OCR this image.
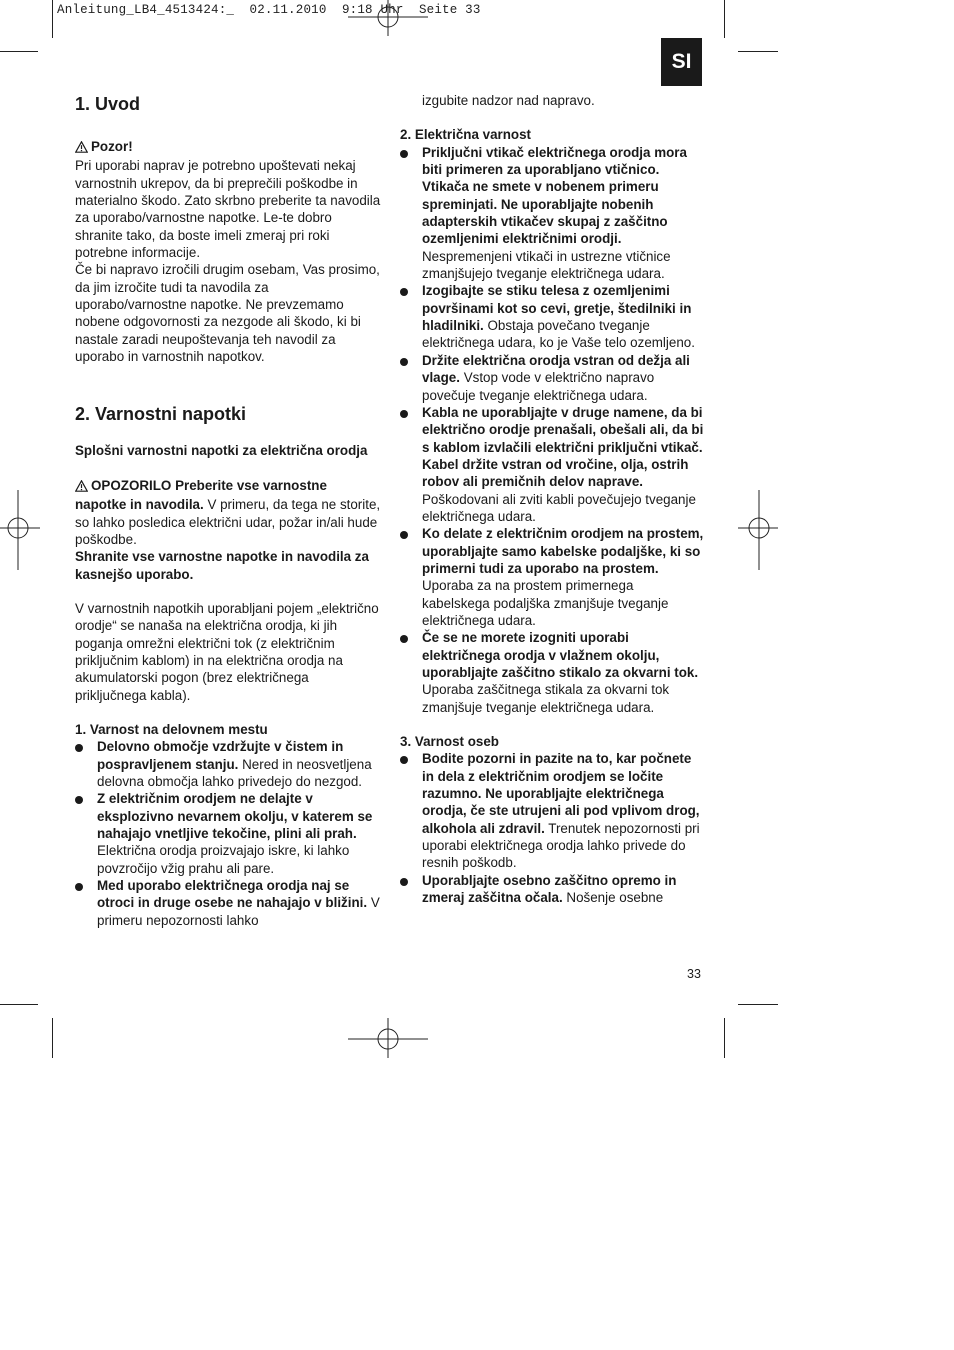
Anleitung_LB4_4513424:_  02.11.2010  9:18 Uhr  Seite 33
SI
1. Uvod

Pozor!

Pri uporabi naprav je potrebno upoštevati nekaj varnostnih ukrepov, da bi preprečili poškodbe in materialno škodo. Zato skrbno preberite ta navodila za uporabo/varnostne napotke. Le-te dobro shranite tako, da boste imeli zmeraj pri roki potrebne informacije.

Če bi napravo izročili drugim osebam, Vas prosimo, da jim izročite tudi ta navodila za uporabo/varnostne napotke. Ne prevzemamo nobene odgovornosti za nezgode ali škodo, ki bi nastale zaradi neupoštevanja teh navodil za uporabo in varnostnih napotkov.

2. Varnostni napotki

Splošni varnostni napotki za električna orodja

OPOZORILO Preberite vse varnostne napotke in navodila. V primeru, da tega ne storite, so lahko posledica električni udar, požar in/ali hude poškodbe.

Shranite vse varnostne napotke in navodila za kasnejšo uporabo.

V varnostnih napotkih uporabljani pojem „električno orodje“ se nanaša na električna orodja, ki jih poganja omrežni električni tok (z električnim priključnim kablom) in na električna orodja na akumulatorski pogon (brez električnega priključnega kabla).

1. Varnost na delovnem mestu

Delovno območje vzdržujte v čistem in pospravljenem stanju. Nered in neosvetljena delovna območja lahko privedejo do nezgod.
Z električnim orodjem ne delajte v eksplozivno nevarnem okolju, v katerem se nahajajo vnetljive tekočine, plini ali prah. Električna orodja proizvajajo iskre, ki lahko povzročijo vžig prahu ali pare.
Med uporabo električnega orodja naj se otroci in druge osebe ne nahajajo v bližini. V primeru nepozornosti lahko
izgubite nadzor nad napravo.

2. Električna varnost

Priključni vtikač električnega orodja mora biti primeren za uporabljano vtičnico. Vtikača ne smete v nobenem primeru spreminjati. Ne uporabljajte nobenih adapterskih vtikačev skupaj z zaščitno ozemljenimi električnimi orodji. Nespremenjeni vtikači in ustrezne vtičnice zmanjšujejo tveganje električnega udara.
Izogibajte se stiku telesa z ozemljenimi površinami kot so cevi, gretje, štedilniki in hladilniki. Obstaja povečano tveganje električnega udara, ko je Vaše telo ozemljeno.
Držite električna orodja vstran od dežja ali vlage. Vstop vode v električno napravo povečuje tveganje električnega udara.
Kabla ne uporabljajte v druge namene, da bi električno orodje prenašali, obešali ali, da bi s kablom izvlačili električni priključni vtikač. Kabel držite vstran od vročine, olja, ostrih robov ali premičnih delov naprave. Poškodovani ali zviti kabli povečujejo tveganje električnega udara.
Ko delate z električnim orodjem na prostem, uporabljajte samo kabelske podaljške, ki so primerni tudi za uporabo na prostem. Uporaba za na prostem primernega kabelskega podaljška zmanjšuje tveganje električnega udara.
Če se ne morete izogniti uporabi električnega orodja v vlažnem okolju, uporabljajte zaščitno stikalo za okvarni tok. Uporaba zaščitnega stikala za okvarni tok zmanjšuje tveganje električnega udara.

3. Varnost oseb

Bodite pozorni in pazite na to, kar počnete in dela z električnim orodjem se ločite razumno. Ne uporabljajte električnega orodja, če ste utrujeni ali pod vplivom drog, alkohola ali zdravil. Trenutek nepozornosti pri uporabi električnega orodja lahko privede do resnih poškodb.
Uporabljajte osebno zaščitno opremo in zmeraj zaščitna očala. Nošenje osebne
33
